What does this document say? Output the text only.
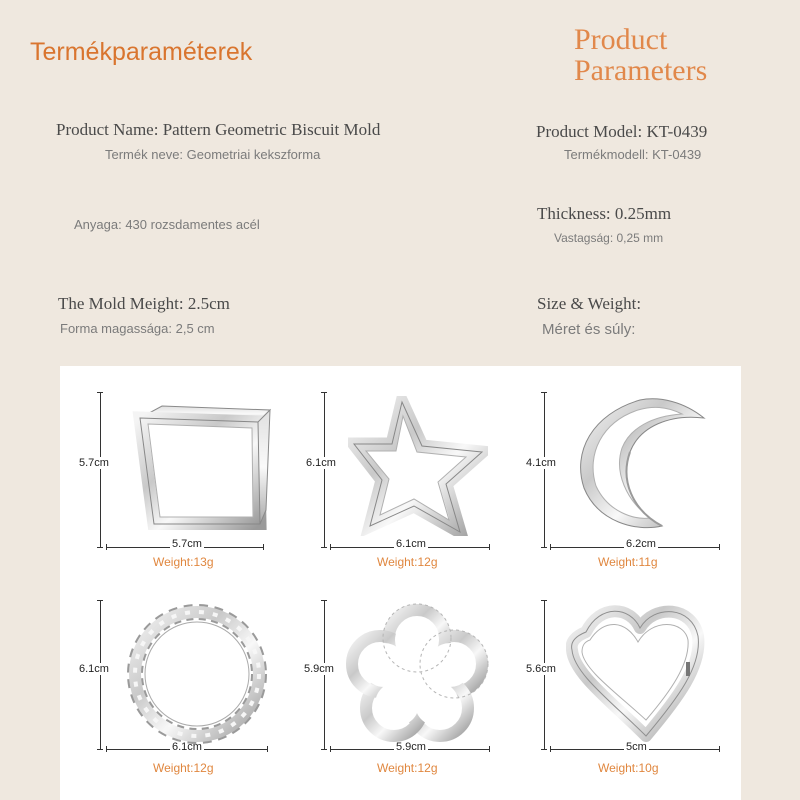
Termékparaméterek	Product
Parameters
Product Name: Pattern Geometric Biscuit Mold
Termék neve: Geometriai kekszforma
Product Model: KT-0439
Termékmodell: KT-0439
Anyaga: 430 rozsdamentes acél
Thickness: 0.25mm
Vastagság: 0,25 mm
The Mold Meight: 2.5cm
Forma magassága: 2,5 cm
Size & Weight:
Méret és súly:
5.7cm
5.7cm
Weight:13g
6.1cm
6.1cm
Weight:12g
4.1cm
6.2cm
Weight:11g
6.1cm
6.1cm
Weight:12g
5.9cm
5.9cm
Weight:12g
5.6cm
5cm
Weight:10g
